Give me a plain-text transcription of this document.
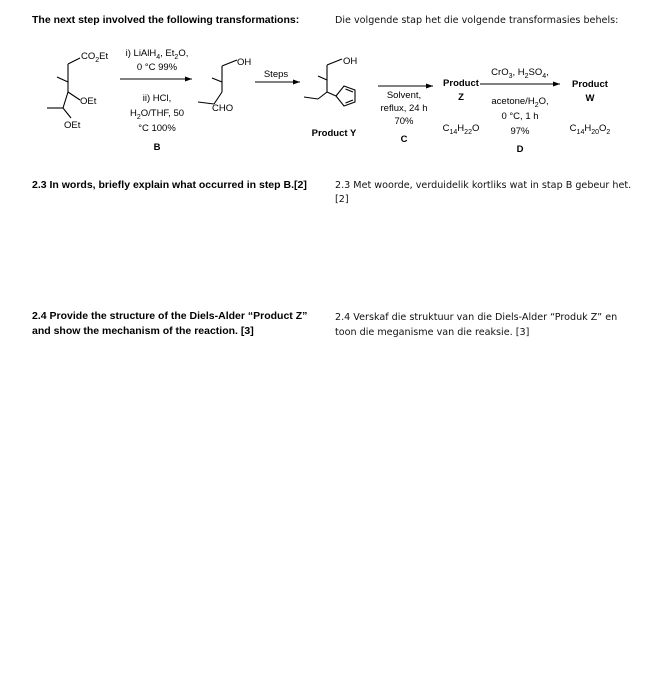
The next step involved the following transformations:	Die volgende stap het die volgende transformasies behels:
$CO_2Et$
OEt
OEt
i) LiAlH$_4$, $Et_2O$,
0 °C 99%
ii) HCl,
$H_2O$/THF, 50
°C 100%
B
OH
CHO
Steps
OH
Product Y
Solvent,
reflux, 24 h
70%
C
Product
Z
$C_{14}H_{22}O$
CrO$_3$, $H_2SO_4$,
acetone/$H_2O$,
0 °C, 1 h
97%
D
Product
W
$C_{14}H_{20}O_2$
2.3 In words, briefly explain what occurred in step B.[2]	2.3 Met woorde, verduidelik kortliks wat in stap B gebeur het.
[2]
2.4 Provide the structure of the Diels-Alder “Product Z”
and show the mechanism of the reaction. [3]
2.4 Verskaf die struktuur van die Diels-Alder “Produk Z” en
toon die meganisme van die reaksie. [3]
